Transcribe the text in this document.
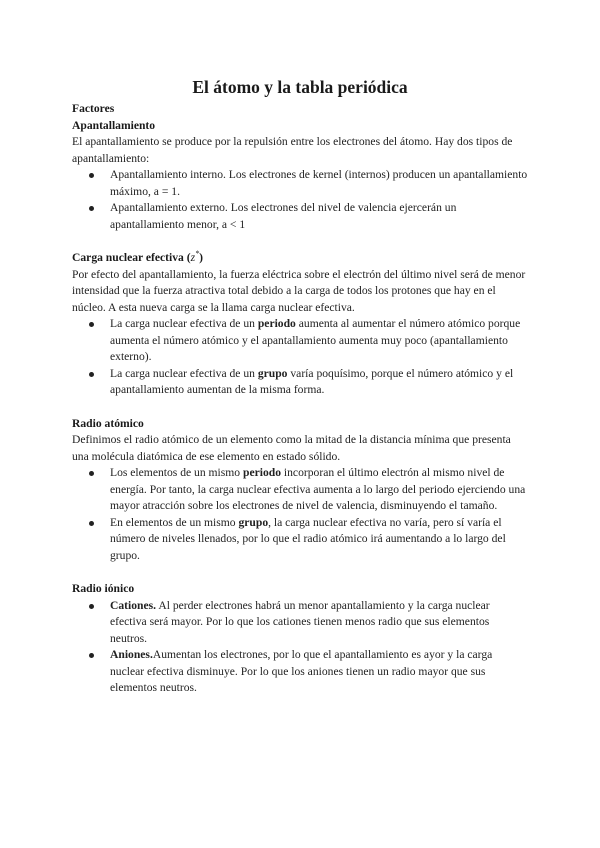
El átomo y la tabla periódica
Factores
Apantallamiento

El apantallamiento se produce por la repulsión entre los electrones del átomo. Hay dos tipos de apantallamiento:

Apantallamiento interno. Los electrones de kernel (internos) producen un apantallamiento máximo, a = 1.
Apantallamiento externo. Los electrones del nivel de valencia ejercerán un apantallamiento menor, a < 1
Carga nuclear efectiva (z*)

Por efecto del apantallamiento, la fuerza eléctrica sobre el electrón del último nivel será de menor intensidad que la fuerza atractiva total debido a la carga de todos los protones que hay en el núcleo. A esta nueva carga se la llama carga nuclear efectiva.

La carga nuclear efectiva de un periodo aumenta al aumentar el número atómico porque aumenta el número atómico y el apantallamiento aumenta muy poco (apantallamiento externo).
La carga nuclear efectiva de un grupo varía poquísimo, porque el número atómico y el apantallamiento aumentan de la misma forma.
Radio atómico

Definimos el radio atómico de un elemento como la mitad de la distancia mínima que presenta una molécula diatómica de ese elemento en estado sólido.

Los elementos de un mismo periodo incorporan el último electrón al mismo nivel de energía. Por tanto, la carga nuclear efectiva aumenta a lo largo del periodo ejerciendo una mayor atracción sobre los electrones de nivel de valencia, disminuyendo el tamaño.
En elementos de un mismo grupo, la carga nuclear efectiva no varía, pero sí varía el número de niveles llenados, por lo que el radio atómico irá aumentando a lo largo del grupo.
Radio iónico
Cationes. Al perder electrones habrá un menor apantallamiento y la carga nuclear efectiva será mayor. Por lo que los cationes tienen menos radio que sus elementos neutros.
Aniones.Aumentan los electrones, por lo que el apantallamiento es ayor y la carga nuclear efectiva disminuye. Por lo que los aniones tienen un radio mayor que sus elementos neutros.
